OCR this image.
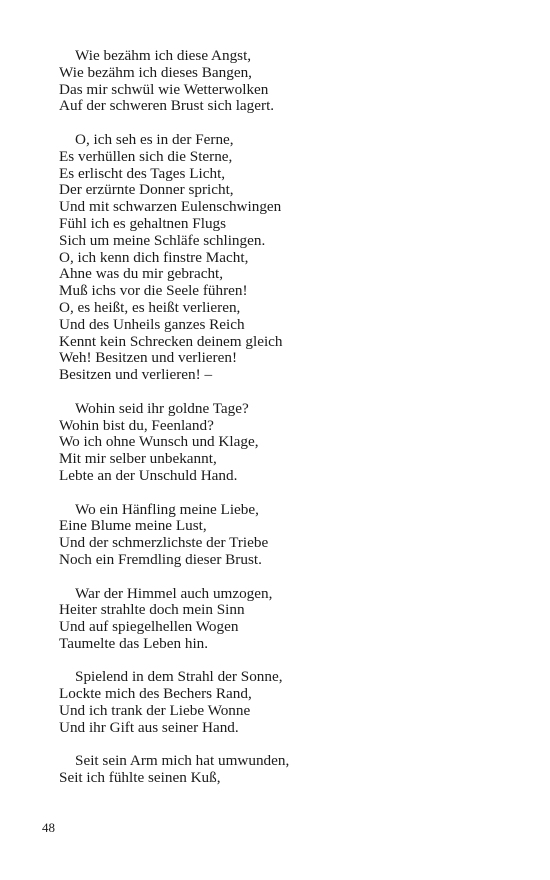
Wie bezähm ich diese Angst,
Wie bezähm ich dieses Bangen,
Das mir schwül wie Wetterwolken
Auf der schweren Brust sich lagert.
O, ich seh es in der Ferne,
Es verhüllen sich die Sterne,
Es erlischt des Tages Licht,
Der erzürnte Donner spricht,
Und mit schwarzen Eulenschwingen
Fühl ich es gehaltnen Flugs
Sich um meine Schläfe schlingen.
O, ich kenn dich finstre Macht,
Ahne was du mir gebracht,
Muß ichs vor die Seele führen!
O, es heißt, es heißt verlieren,
Und des Unheils ganzes Reich
Kennt kein Schrecken deinem gleich
Weh! Besitzen und verlieren!
Besitzen und verlieren! –
Wohin seid ihr goldne Tage?
Wohin bist du, Feenland?
Wo ich ohne Wunsch und Klage,
Mit mir selber unbekannt,
Lebte an der Unschuld Hand.
Wo ein Hänfling meine Liebe,
Eine Blume meine Lust,
Und der schmerzlichste der Triebe
Noch ein Fremdling dieser Brust.
War der Himmel auch umzogen,
Heiter strahlte doch mein Sinn
Und auf spiegelhellen Wogen
Taumelte das Leben hin.
Spielend in dem Strahl der Sonne,
Lockte mich des Bechers Rand,
Und ich trank der Liebe Wonne
Und ihr Gift aus seiner Hand.
Seit sein Arm mich hat umwunden,
Seit ich fühlte seinen Kuß,
48
